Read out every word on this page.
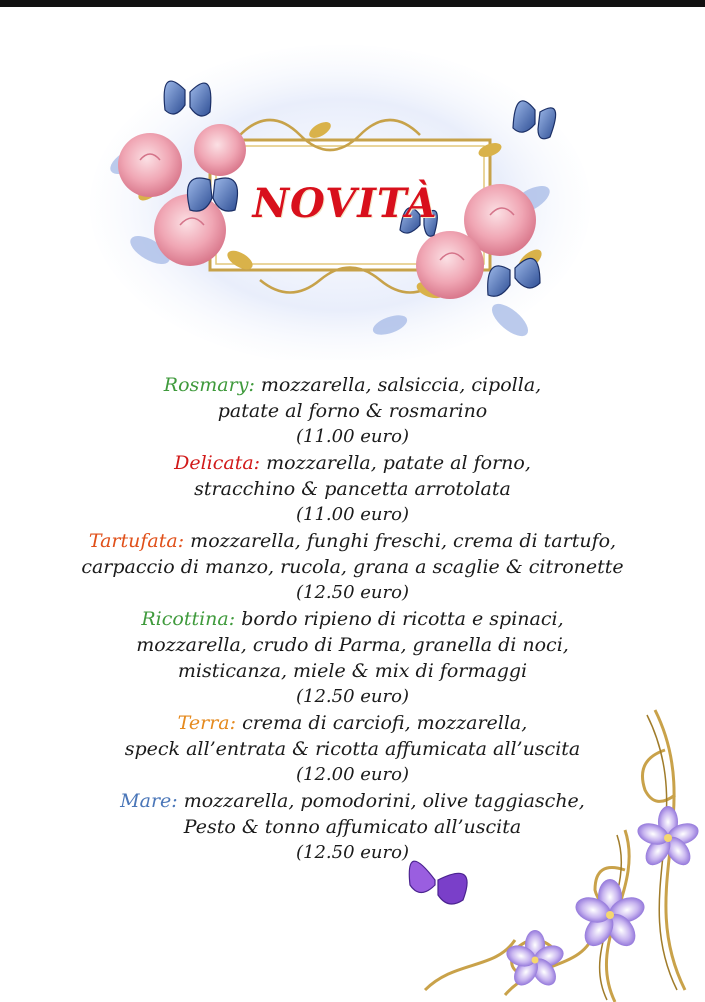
NOVITÀ
Rosmary: mozzarella, salsiccia, cipolla,
patate al forno & rosmarino
(11.00 euro)
Delicata: mozzarella, patate al forno,
stracchino & pancetta arrotolata
(11.00 euro)
Tartufata: mozzarella, funghi freschi, crema di tartufo,
carpaccio di manzo, rucola, grana a scaglie & citronette
(12.50 euro)
Ricottina: bordo ripieno di ricotta e spinaci,
mozzarella, crudo di Parma, granella di noci,
misticanza, miele & mix di formaggi
(12.50 euro)
Terra: crema di carciofi, mozzarella,
speck all’entrata & ricotta affumicata all’uscita
(12.00 euro)
Mare: mozzarella, pomodorini, olive taggiasche,
Pesto & tonno affumicato all’uscita
(12.50 euro)
